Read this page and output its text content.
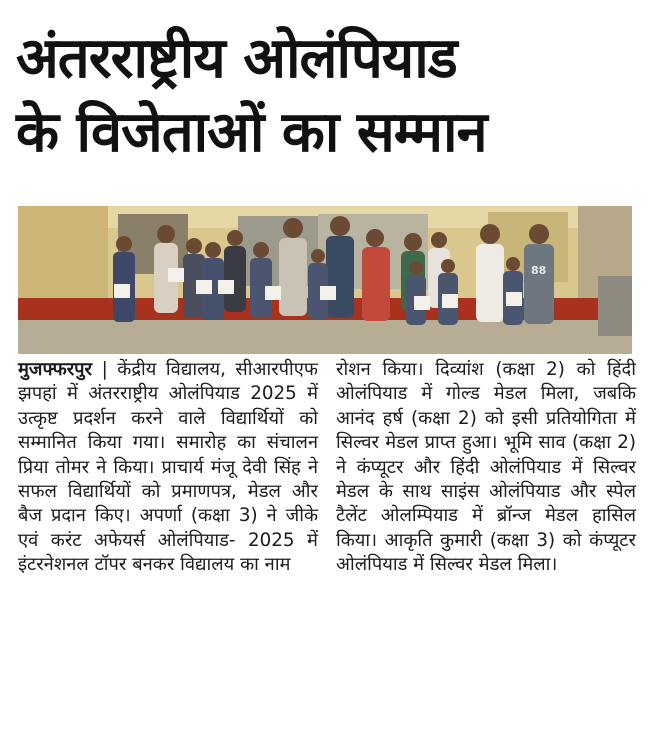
अंतरराष्ट्रीय ओलंपियाड
के विजेताओं का सम्मान
88

मुजफ्फरपुर | केंद्रीय विद्यालय, सीआरपीएफ झपहां में अंतरराष्ट्रीय ओलंपियाड 2025 में उत्कृष्ट प्रदर्शन करने वाले विद्यार्थियों को सम्मानित किया गया। समारोह का संचालन प्रिया तोमर ने किया। प्राचार्य मंजू देवी सिंह ने सफल विद्यार्थियों को प्रमाणपत्र, मेडल और बैज प्रदान किए। अपर्णा (कक्षा 3) ने जीके एवं करंट अफेयर्स ओलंपियाड- 2025 में इंटरनेशनल टॉपर बनकर विद्यालय का नाम

रोशन किया। दिव्यांश (कक्षा 2) को हिंदी ओलंपियाड में गोल्ड मेडल मिला, जबकि आनंद हर्ष (कक्षा 2) को इसी प्रतियोगिता में सिल्वर मेडल प्राप्त हुआ। भूमि साव (कक्षा 2) ने कंप्यूटर और हिंदी ओलंपियाड में सिल्वर मेडल के साथ साइंस ओलंपियाड और स्पेल टैलेंट ओलम्पियाड में ब्रॉन्ज मेडल हासिल किया। आकृति कुमारी (कक्षा 3) को कंप्यूटर ओलंपियाड में सिल्वर मेडल मिला।
